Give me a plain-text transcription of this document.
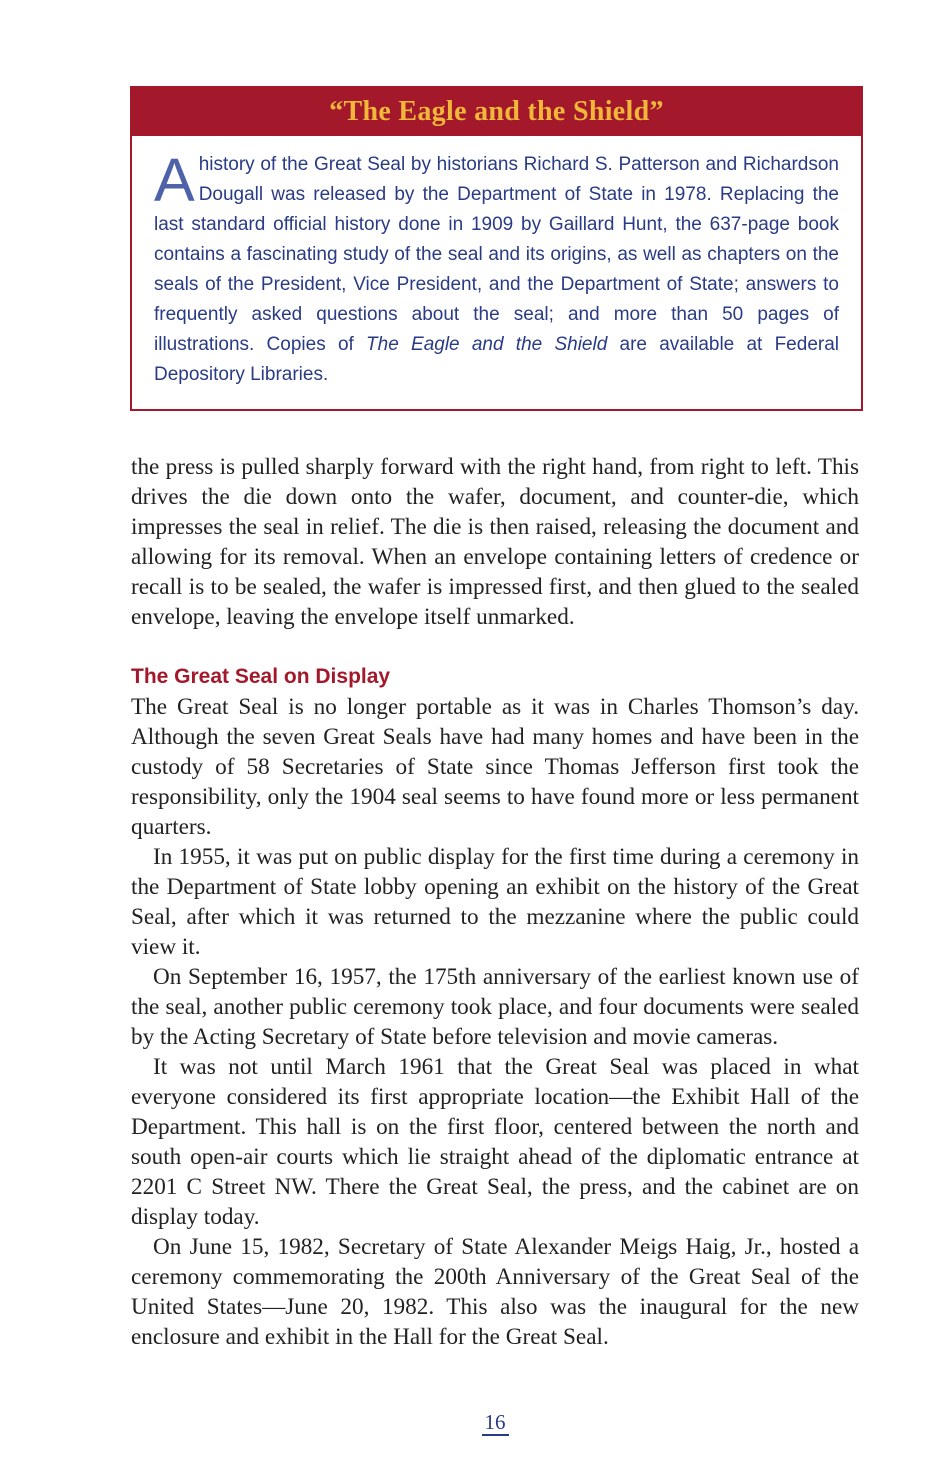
“The Eagle and the Shield”
Ahistory of the Great Seal by historians Richard S. Patterson and Richardson Dougall was released by the Department of State in 1978. Replacing the last standard official history done in 1909 by Gaillard Hunt, the 637-page book contains a fascinating study of the seal and its origins, as well as chapters on the seals of the President, Vice President, and the Department of State; answers to frequently asked questions about the seal; and more than 50 pages of illustrations. Copies of The Eagle and the Shield are available at Federal Depository Libraries.

the press is pulled sharply forward with the right hand, from right to left. This drives the die down onto the wafer, document, and counter-die, which impresses the seal in relief. The die is then raised, releasing the document and allowing for its removal. When an envelope containing letters of credence or recall is to be sealed, the wafer is impressed first, and then glued to the sealed envelope, leaving the envelope itself unmarked.

The Great Seal on Display

The Great Seal is no longer portable as it was in Charles Thomson’s day. Although the seven Great Seals have had many homes and have been in the custody of 58 Secretaries of State since Thomas Jefferson first took the responsibility, only the 1904 seal seems to have found more or less permanent quarters.

In 1955, it was put on public display for the first time during a ceremony in the Department of State lobby opening an exhibit on the history of the Great Seal, after which it was returned to the mezzanine where the public could view it.

On September 16, 1957, the 175th anniversary of the earliest known use of the seal, another public ceremony took place, and four documents were sealed by the Acting Secretary of State before television and movie cameras.

It was not until March 1961 that the Great Seal was placed in what everyone considered its first appropriate location—the Exhibit Hall of the Department. This hall is on the first floor, centered between the north and south open-air courts which lie straight ahead of the diplomatic entrance at 2201 C Street NW. There the Great Seal, the press, and the cabinet are on display today.

On June 15, 1982, Secretary of State Alexander Meigs Haig, Jr., hosted a ceremony commemorating the 200th Anniversary of the Great Seal of the United States—June 20, 1982. This also was the inaugural for the new enclosure and exhibit in the Hall for the Great Seal.

16
